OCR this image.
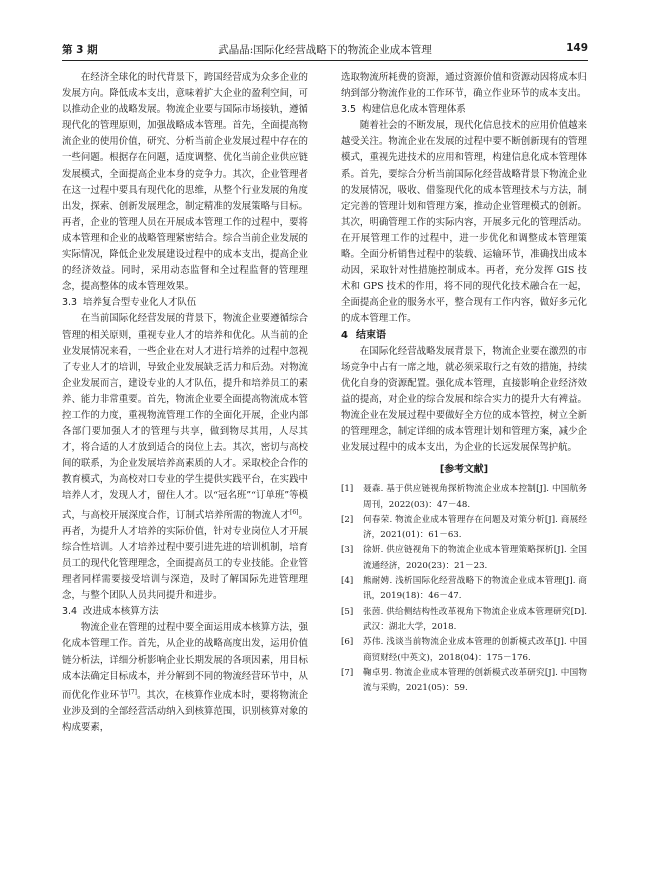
第 3 期	武晶晶:国际化经营战略下的物流企业成本管理	149

在经济全球化的时代背景下，跨国经营成为众多企业的发展方向。降低成本支出，意味着扩大企业的盈利空间，可以推动企业的战略发展。物流企业要与国际市场接轨，遵循现代化的管理原则，加强战略成本管理。首先，全面提高物流企业的使用价值，研究、分析当前企业发展过程中存在的一些问题。根据存在问题，适度调整、优化当前企业供应链发展模式，全面提高企业本身的竞争力。其次，企业管理者在这一过程中要具有现代化的思维，从整个行业发展的角度出发，探索、创新发展理念，制定精准的发展策略与目标。再者，企业的管理人员在开展成本管理工作的过程中，要将成本管理和企业的战略管理紧密结合。综合当前企业发展的实际情况，降低企业发展建设过程中的成本支出，提高企业的经济效益。同时，采用动态监督和全过程监督的管理理念，提高整体的成本管理效果。

3.3 培养复合型专业化人才队伍

在当前国际化经营发展的背景下，物流企业要遵循综合管理的相关原则，重视专业人才的培养和优化。从当前的企业发展情况来看，一些企业在对人才进行培养的过程中忽视了专业人才的培训，导致企业发展缺乏活力和后劲。对物流企业发展而言，建设专业的人才队伍，提升和培养员工的素养、能力非常重要。首先，物流企业要全面提高物流成本管控工作的力度，重视物流管理工作的全面化开展，企业内部各部门要加强人才的管理与共享，做到物尽其用，人尽其才，将合适的人才放到适合的岗位上去。其次，密切与高校间的联系，为企业发展培养高素质的人才。采取校企合作的教育模式，为高校对口专业的学生提供实践平台，在实践中培养人才，发现人才，留住人才。以“冠名班”“订单班”等模式，与高校开展深度合作，订制式培养所需的物流人才[6]。再者，为提升人才培养的实际价值，针对专业岗位人才开展综合性培训。人才培养过程中要引进先进的培训机制，培育员工的现代化管理理念，全面提高员工的专业技能。企业管理者同样需要接受培训与深造，及时了解国际先进管理理念，与整个团队人员共同提升和进步。

3.4 改进成本核算方法

物流企业在管理的过程中要全面运用成本核算方法，强化成本管理工作。首先，从企业的战略高度出发，运用价值链分析法，详细分析影响企业长期发展的各项因素，用目标成本法确定目标成本，并分解到不同的物流经营环节中，从而优化作业环节[7]。其次，在核算作业成本时，要将物流企业涉及到的全部经营活动纳入到核算范围，识别核算对象的构成要素，

选取物流所耗费的资源，通过资源价值和资源动因将成本归纳到部分物流作业的工作环节，确立作业环节的成本支出。

3.5 构建信息化成本管理体系

随着社会的不断发展，现代化信息技术的应用价值越来越受关注。物流企业在发展的过程中要不断创新现有的管理模式，重视先进技术的应用和管理，构建信息化成本管理体系。首先，要综合分析当前国际化经营战略背景下物流企业的发展情况，吸收、借鉴现代化的成本管理技术与方法，制定完善的管理计划和管理方案，推动企业管理模式的创新。其次，明确管理工作的实际内容，开展多元化的管理活动。在开展管理工作的过程中，进一步优化和调整成本管理策略。全面分析销售过程中的装载、运输环节，准确找出成本动因，采取针对性措施控制成本。再者，充分发挥 GIS 技术和 GPS 技术的作用，将不同的现代化技术融合在一起，全面提高企业的服务水平，整合现有工作内容，做好多元化的成本管理工作。

4 结束语

在国际化经营战略发展背景下，物流企业要在激烈的市场竞争中占有一席之地，就必须采取行之有效的措施，持续优化自身的资源配置。强化成本管理，直接影响企业经济效益的提高，对企业的综合发展和综合实力的提升大有裨益。物流企业在发展过程中要做好全方位的成本管控，树立全新的管理理念，制定详细的成本管理计划和管理方案，减少企业发展过程中的成本支出，为企业的长远发展保驾护航。

[参考文献]
[1] 聂森. 基于供应链视角探析物流企业成本控制[J]. 中国航务周刊，2022(03)：47－48.
[2] 何春荣. 物流企业成本管理存在问题及对策分析[J]. 商展经济，2021(01)：61－63.
[3] 徐妍. 供应链视角下的物流企业成本管理策略探析[J]. 全国流通经济，2020(23)：21－23.
[4] 熊耐娉. 浅析国际化经营战略下的物流企业成本管理[J]. 商讯，2019(18)：46－47.
[5] 张茵. 供给侧结构性改革视角下物流企业成本管理研究[D]. 武汉：湖北大学，2018.
[6] 苏伟. 浅谈当前物流企业成本管理的创新模式改革[J]. 中国商贸财经(中英文)，2018(04)：175－176.
[7] 鞠卓男. 物流企业成本管理的创新模式改革研究[J]. 中国物流与采购，2021(05)：59.
